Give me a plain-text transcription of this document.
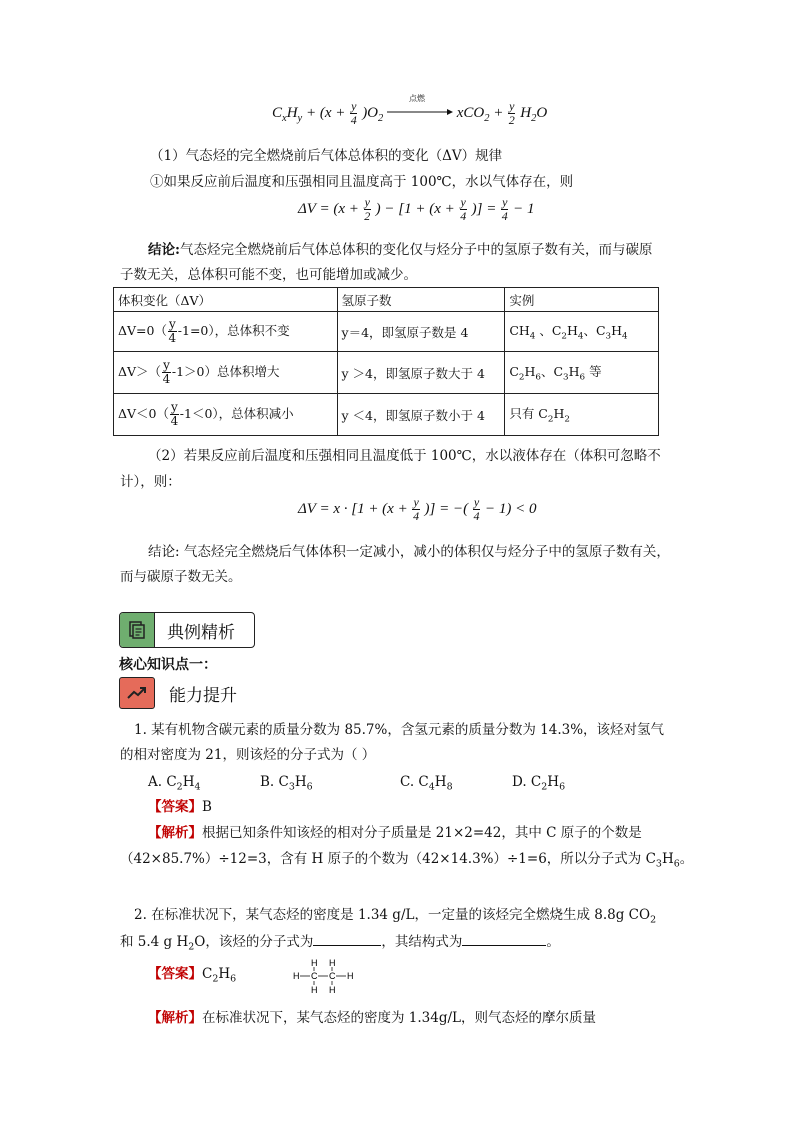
$C_xH_y + (x + \frac{y}{4} )O_2$
点燃
$xCO_2 + \frac{y}{2} H_2O$
（1）气态烃的完全燃烧前后气体总体积的变化（ΔV）规律
①如果反应前后温度和压强相同且温度高于 100℃，水以气体存在，则
$\Delta V = (x + \frac{y}{2}$ ) − [$1 + (x + \frac{y}{4}$ )] = $\frac{y}{4} - 1$
结论:气态烃完全燃烧前后气体总体积的变化仅与烃分子中的氢原子数有关，而与碳原
子数无关，总体积可能不变，也可能增加或减少。
体积变化（ΔV）	氢原子数	实例
$\Delta V=0( \frac{y}{4} -1=0)$，总体积不变	y＝4，即氢原子数是 4	$CH_4$ 、$C_2H_4$、$C_3H_4$
$\Delta V>( \frac{y}{4} -1>0)$总体积增大	y ＞4，即氢原子数大于 4	$C_2H_6$、$C_3H_6$ 等
$\Delta V<0( \frac{y}{4} -1<0)$，总体积减小	y ＜4，即氢原子数小于 4	只有 $C_2H_2$
（2）若果反应前后温度和压强相同且温度低于 100℃，水以液体存在（体积可忽略不
计），则：
$\Delta V = x \cdot [1 + (x + \frac{y}{4}$ )] = −( $\frac{y}{4} - 1) < 0$
结论: 气态烃完全燃烧后气体体积一定减小，减小的体积仅与烃分子中的氢原子数有关，
而与碳原子数无关。
典例精析
核心知识点一：
能力提升
1. 某有机物含碳元素的质量分数为 85.7%，含氢元素的质量分数为 14.3%，该烃对氢气
的相对密度为 21，则该烃的分子式为（ ）
A. $C_2H_4$	B. $C_3H_6$	C. $C_4H_8$	D. $C_2H_6$
【答案】B
【解析】根据已知条件知该烃的相对分子质量是 21×2=42，其中 C 原子的个数是
（42×85.7%）÷12=3，含有 H 原子的个数为（42×14.3%）÷1=6，所以分子式为 $C_3H_6$。
2. 在标准状况下，某气态烃的密度是 1.34 g/L，一定量的该烃完全燃烧生成 8.8g $CO_2$
和 5.4 g $H_2O$，该烃的分子式为	，其结构式为	。
【答案】$C_2H_6$	H C C H
H H
H H
【解析】在标准状况下，某气态烃的密度为 1.34g/L，则气态烃的摩尔质量
